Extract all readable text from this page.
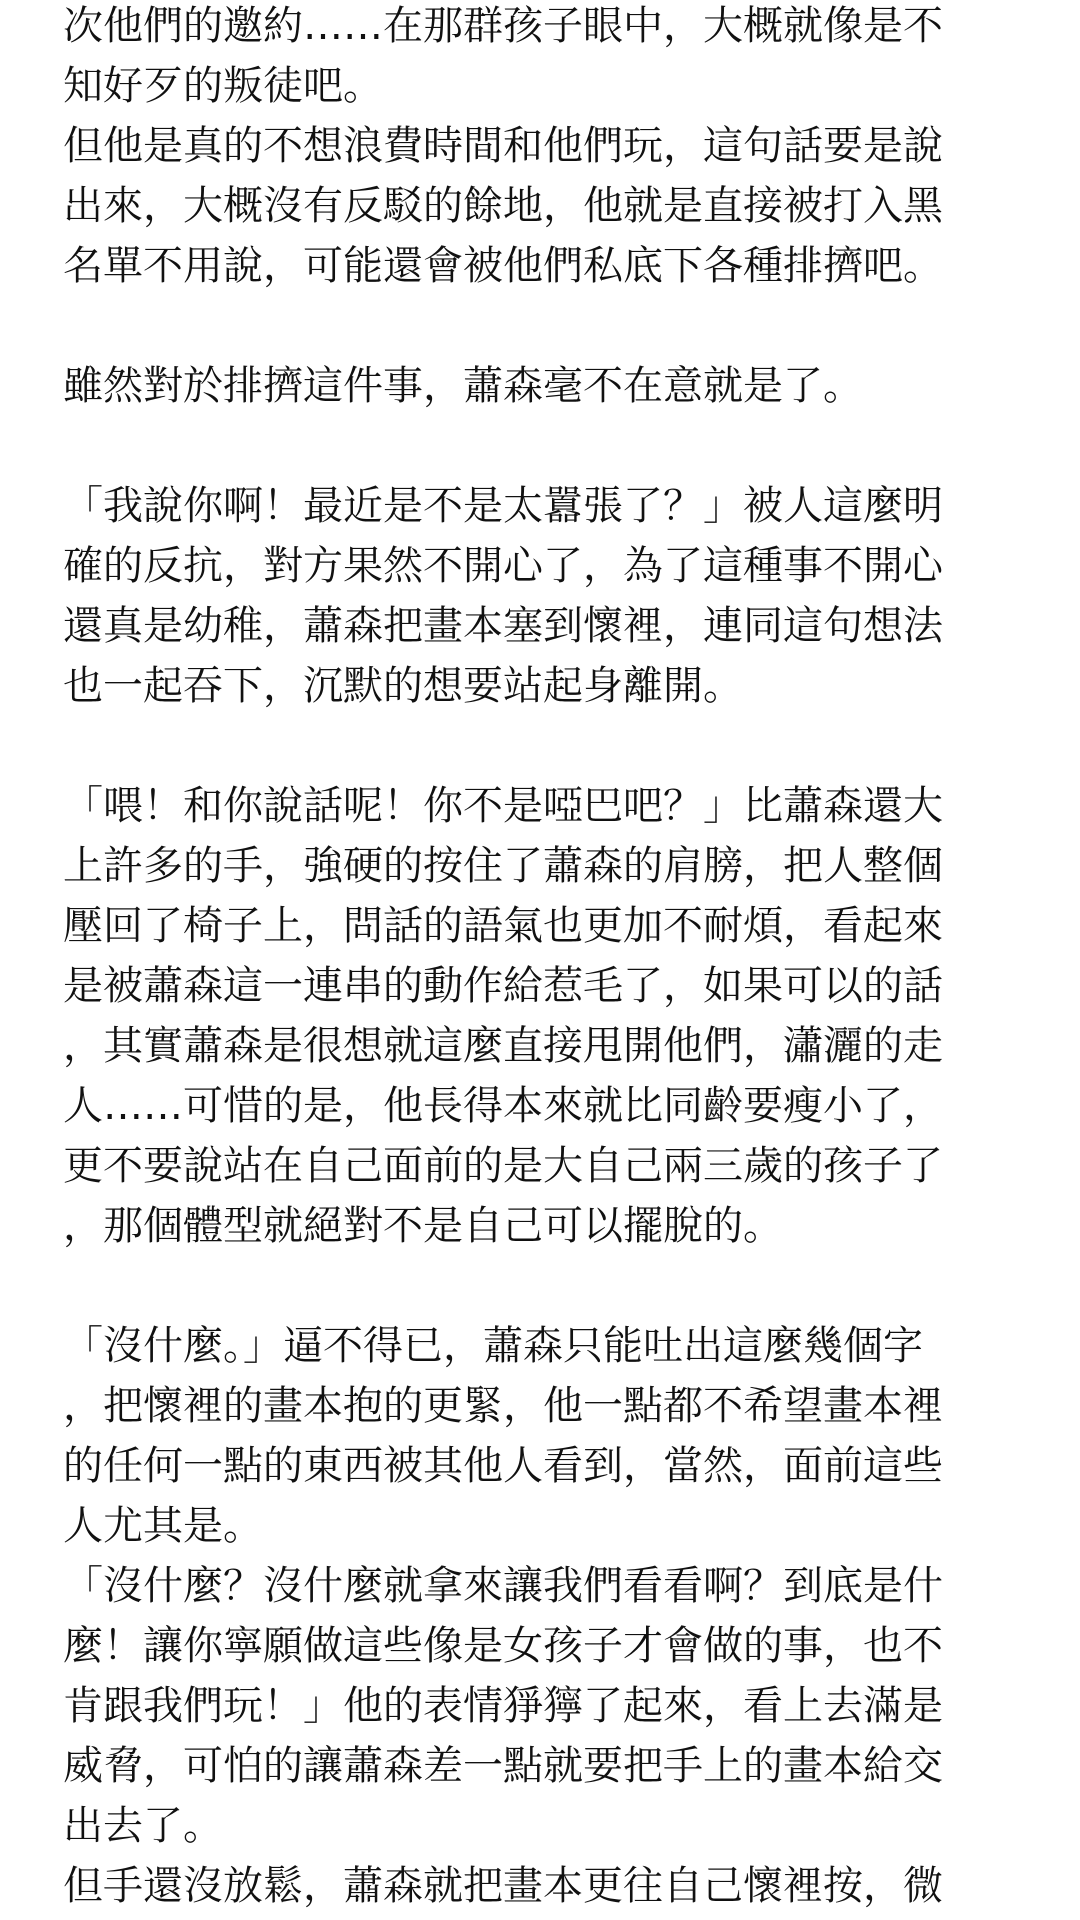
次他們的邀約……在那群孩子眼中，大概就像是不
知好歹的叛徒吧。
但他是真的不想浪費時間和他們玩，這句話要是說
出來，大概沒有反駁的餘地，他就是直接被打入黑
名單不用說，可能還會被他們私底下各種排擠吧。
雖然對於排擠這件事，蕭森毫不在意就是了。
「我說你啊！最近是不是太囂張了？」被人這麼明
確的反抗，對方果然不開心了，為了這種事不開心
還真是幼稚，蕭森把畫本塞到懷裡，連同這句想法
也一起吞下，沉默的想要站起身離開。
「喂！和你說話呢！你不是啞巴吧？」比蕭森還大
上許多的手，強硬的按住了蕭森的肩膀，把人整個
壓回了椅子上，問話的語氣也更加不耐煩，看起來
是被蕭森這一連串的動作給惹毛了，如果可以的話
，其實蕭森是很想就這麼直接甩開他們，瀟灑的走
人……可惜的是，他長得本來就比同齡要瘦小了，
更不要說站在自己面前的是大自己兩三歲的孩子了
，那個體型就絕對不是自己可以擺脫的。
「沒什麼。」逼不得已，蕭森只能吐出這麼幾個字
，把懷裡的畫本抱的更緊，他一點都不希望畫本裡
的任何一點的東西被其他人看到，當然，面前這些
人尤其是。
「沒什麼？沒什麼就拿來讓我們看看啊？到底是什
麼！讓你寧願做這些像是女孩子才會做的事，也不
肯跟我們玩！」他的表情猙獰了起來，看上去滿是
威脅，可怕的讓蕭森差一點就要把手上的畫本給交
出去了。
但手還沒放鬆，蕭森就把畫本更往自己懷裡按，微
